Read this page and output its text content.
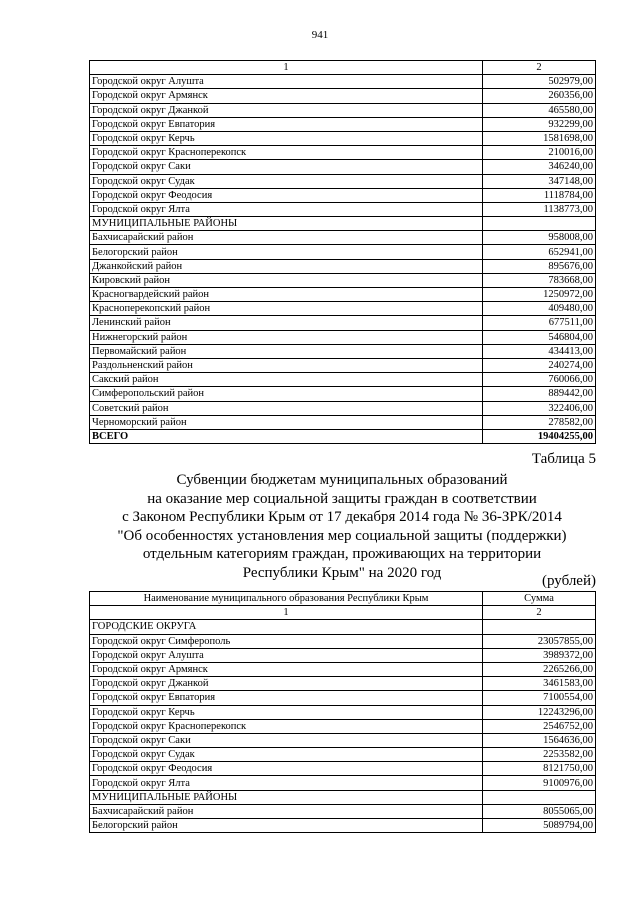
941
1	2
Городской округ Алушта	502979,00
Городской округ Армянск	260356,00
Городской округ Джанкой	465580,00
Городской округ Евпатория	932299,00
Городской округ Керчь	1581698,00
Городской округ Красноперекопск	210016,00
Городской округ Саки	346240,00
Городской округ Судак	347148,00
Городской округ Феодосия	1118784,00
Городской округ Ялта	1138773,00
МУНИЦИПАЛЬНЫЕ РАЙОНЫ	
Бахчисарайский район	958008,00
Белогорский район	652941,00
Джанкойский район	895676,00
Кировский район	783668,00
Красногвардейский район	1250972,00
Красноперекопский район	409480,00
Ленинский район	677511,00
Нижнегорский район	546804,00
Первомайский район	434413,00
Раздольненский район	240274,00
Сакский район	760066,00
Симферопольский район	889442,00
Советский район	322406,00
Черноморский район	278582,00
ВСЕГО	19404255,00
Таблица 5
Субвенции бюджетам муниципальных образований
на оказание мер социальной защиты граждан в соответствии
с Законом Республики Крым от 17 декабря 2014 года № 36-ЗРК/2014
"Об особенностях установления мер социальной защиты (поддержки)
отдельным категориям граждан, проживающих на территории
Республики Крым" на 2020 год
(рублей)
Наименование муниципального образования Республики Крым	Сумма
1	2
ГОРОДСКИЕ ОКРУГА	
Городской округ Симферополь	23057855,00
Городской округ Алушта	3989372,00
Городской округ Армянск	2265266,00
Городской округ Джанкой	3461583,00
Городской округ Евпатория	7100554,00
Городской округ Керчь	12243296,00
Городской округ Красноперекопск	2546752,00
Городской округ Саки	1564636,00
Городской округ Судак	2253582,00
Городской округ Феодосия	8121750,00
Городской округ Ялта	9100976,00
МУНИЦИПАЛЬНЫЕ РАЙОНЫ	
Бахчисарайский район	8055065,00
Белогорский район	5089794,00
